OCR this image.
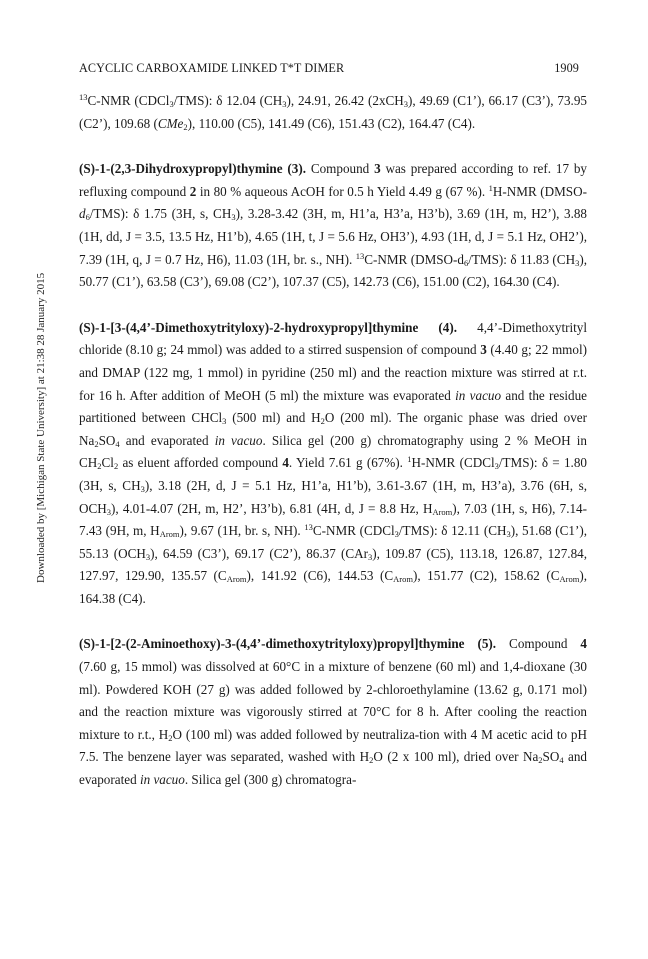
ACYCLIC CARBOXAMIDE LINKED T*T DIMER	1909
Downloaded by [Michigan State University] at 21:38 28 January 2015

$^{13}$C-NMR (CDCl$_3$/TMS): δ 12.04 $(CH_3)$, 24.91, 26.42 (2xCH$_3$), 49.69 (C1’), 66.17 (C3’), 73.95 (C2’), 109.68 (CMe$_2$), 110.00 (C5), 141.49 (C6), 151.43 (C2), 164.47 (C4).

(S)-1-(2,3-Dihydroxypropyl)thymine (3). Compound 3 was prepared according to ref. 17 by refluxing compound 2 in 80 % aqueous AcOH for 0.5 h Yield 4.49 g (67 %). $^1$H-NMR $(DMSO-d_6/TMS)$: δ 1.75 (3H, s, $CH_3$), 3.28-3.42 (3H, m, H1’a, H3’a, H3’b), 3.69 (1H, m, H2’), 3.88 (1H, dd, J = 3.5, 13.5 Hz, H1’b), 4.65 (1H, t, J = 5.6 Hz, OH3’), 4.93 (1H, d, J = 5.1 Hz, OH2’), 7.39 (1H, q, J = 0.7 Hz, H6), 11.03 (1H, br. s., NH). $^{13}$C-NMR $(DMSO-d_6/TMS)$: δ 11.83 $(CH_3)$, 50.77 (C1’), 63.58 (C3’), 69.08 (C2’), 107.37 (C5), 142.73 (C6), 151.00 (C2), 164.30 (C4).

(S)-1-[3-(4,4’-Dimethoxytrityloxy)-2-hydroxypropyl]thymine (4). 4,4’-Dimethoxytrityl chloride (8.10 g; 24 mmol) was added to a stirred suspension of compound 3 (4.40 g; 22 mmol) and DMAP (122 mg, 1 mmol) in pyridine (250 ml) and the reaction mixture was stirred at r.t. for 16 h. After addition of MeOH (5 ml) the mixture was evaporated in vacuo and the residue partitioned between CHCl$_3$ (500 ml) and $H_2O$ (200 ml). The organic phase was dried over $Na_2SO_4$ and evaporated in vacuo. Silica gel (200 g) chromatography using 2 % MeOH in $CH_2Cl_2$ as eluent afforded compound 4. Yield 7.61 g (67%). $^1$H-NMR (CDCl$_3$/TMS): δ = 1.80 (3H, s, $CH_3$), 3.18 (2H, d, J = 5.1 Hz, H1’a, H1’b), 3.61-3.67 (1H, m, H3’a), 3.76 (6H, s, $OCH_3$), 4.01-4.07 (2H, m, H2’, H3’b), 6.81 (4H, d, J = 8.8 Hz, $H_{Arom}$), 7.03 (1H, s, H6), 7.14-7.43 (9H, m, $H_{Arom}$), 9.67 (1H, br. s, NH). $^{13}$C-NMR (CDCl$_3$/TMS): δ 12.11 $(CH_3)$, 51.68 (C1’), 55.13 $(OCH_3)$, 64.59 (C3’), 69.17 (C2’), 86.37 (CAr$_3$), 109.87 (C5), 113.18, 126.87, 127.84, 127.97, 129.90, 135.57 $(C_{Arom})$, 141.92 (C6), 144.53 $(C_{Arom})$, 151.77 (C2), 158.62 $(C_{Arom})$, 164.38 (C4).

(S)-1-[2-(2-Aminoethoxy)-3-(4,4’-dimethoxytrityloxy)propyl]thymine (5). Compound 4 (7.60 g, 15 mmol) was dissolved at 60°C in a mixture of benzene (60 ml) and 1,4-dioxane (30 ml). Powdered KOH (27 g) was added followed by 2-chloroethylamine (13.62 g, 0.171 mol) and the reaction mixture was vigorously stirred at 70°C for 8 h. After cooling the reaction mixture to r.t., $H_2O$ (100 ml) was added followed by neutraliza-tion with 4 M acetic acid to pH 7.5. The benzene layer was separated, washed with $H_2O$ (2 x 100 ml), dried over $Na_2SO_4$ and evaporated in vacuo. Silica gel (300 g) chromatogra-
